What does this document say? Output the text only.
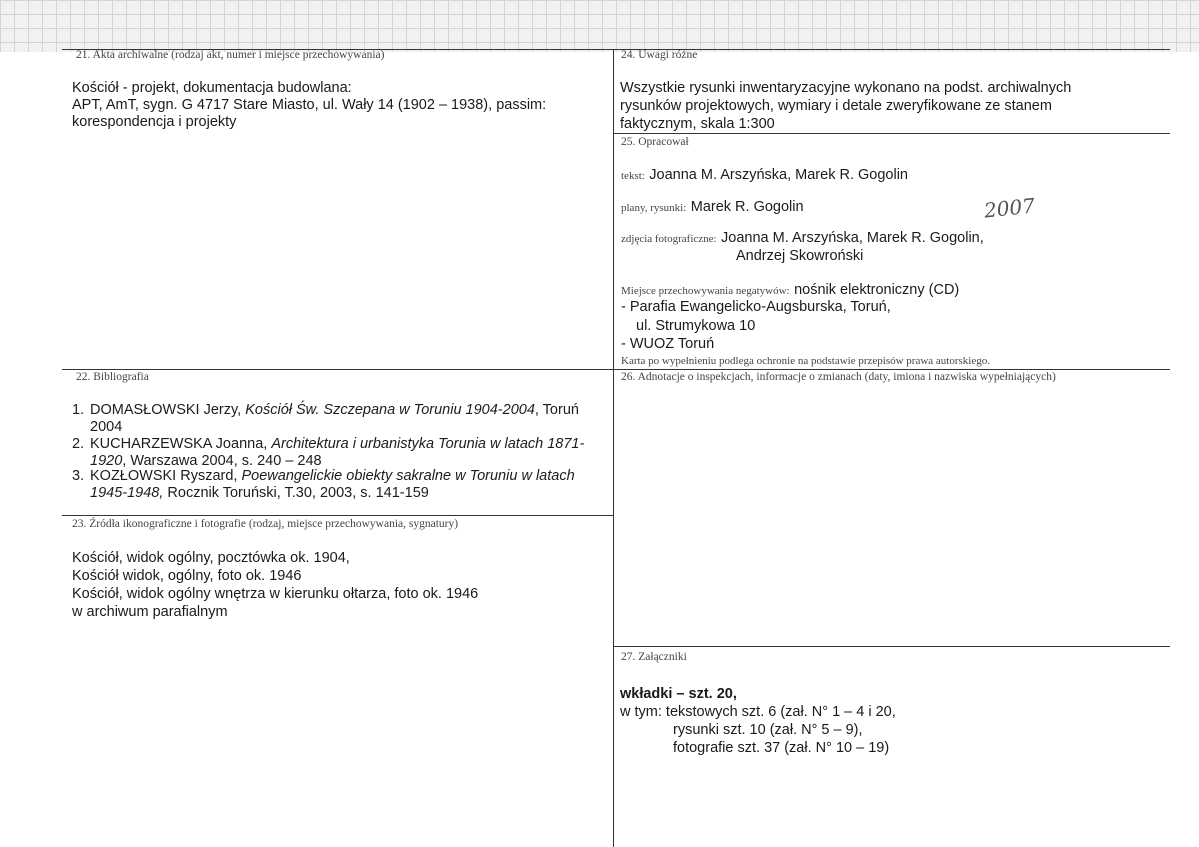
21. Akta archiwalne (rodzaj akt, numer i miejsce przechowywania)
Kościół - projekt, dokumentacja budowlana:
APT, AmT, sygn. G 4717 Stare Miasto, ul. Wały 14 (1902 – 1938), passim:
korespondencja i projekty
24. Uwagi różne
Wszystkie rysunki inwentaryzacyjne wykonano na podst. archiwalnych
rysunków projektowych, wymiary i detale zweryfikowane ze stanem
faktycznym, skala 1:300
25. Opracował
tekst: Joanna M. Arszyńska, Marek R. Gogolin
plany, rysunki: Marek R. Gogolin	2007
zdjęcia fotograficzne: Joanna M. Arszyńska, Marek R. Gogolin,
Andrzej Skowroński
Miejsce przechowywania negatywów: nośnik elektroniczny (CD)
- Parafia Ewangelicko-Augsburska, Toruń,
ul. Strumykowa 10
- WUOZ Toruń
Karta po wypełnieniu podlega ochronie na podstawie przepisów prawa autorskiego.
22. Bibliografia
1. DOMASŁOWSKI Jerzy, Kościół Św. Szczepana w Toruniu 1904-2004, Toruń 2004
2. KUCHARZEWSKA Joanna, Architektura i urbanistyka Torunia w latach 1871-1920, Warszawa 2004, s. 240 – 248
3. KOZŁOWSKI Ryszard, Poewangelickie obiekty sakralne w Toruniu w latach 1945-1948, Rocznik Toruński, T.30, 2003, s. 141-159
26. Adnotacje o inspekcjach, informacje o zmianach (daty, imiona i nazwiska wypełniających)
23. Źródła ikonograficzne i fotografie (rodzaj, miejsce przechowywania, sygnatury)
Kościół, widok ogólny, pocztówka ok. 1904,
Kościół widok, ogólny, foto ok. 1946
Kościół, widok ogólny wnętrza w kierunku ołtarza, foto ok. 1946
w archiwum parafialnym
27. Załączniki
wkładki – szt. 20,
w tym: tekstowych szt. 6 (zał. N° 1 – 4 i 20,
rysunki szt. 10 (zał. N° 5 – 9),
fotografie szt. 37 (zał. N° 10 – 19)
